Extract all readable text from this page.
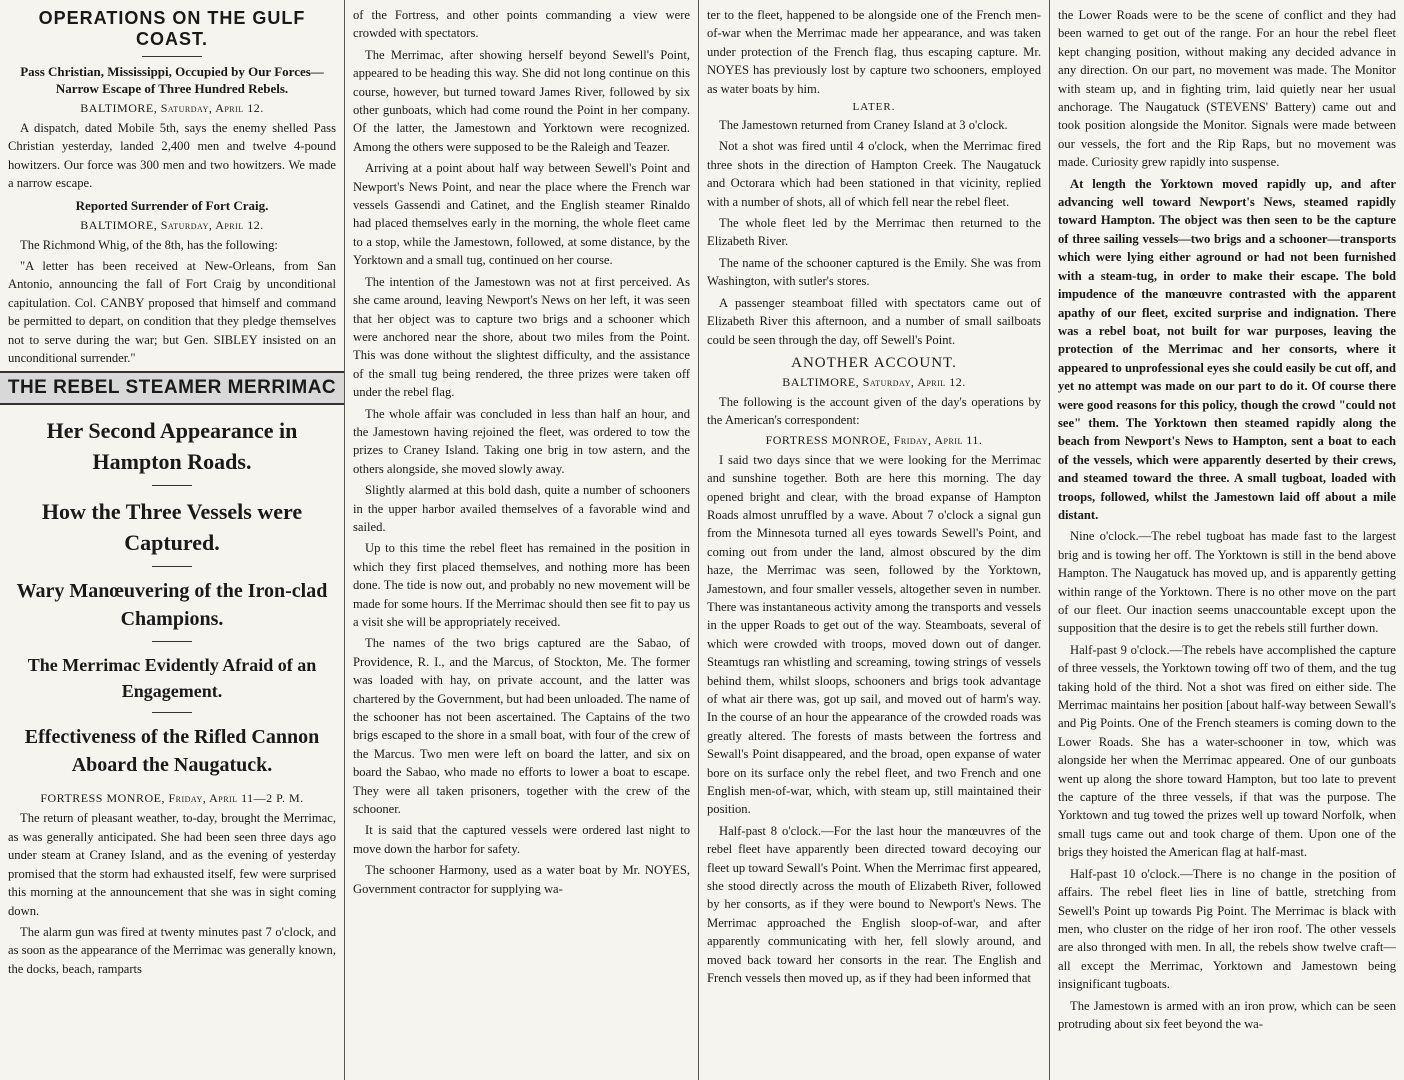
OPERATIONS ON THE GULF COAST.
Pass Christian, Mississippi, Occupied by Our Forces—Narrow Escape of Three Hundred Rebels.
BALTIMORE, Saturday, April 12.

A dispatch, dated Mobile 5th, says the enemy shelled Pass Christian yesterday, landed 2,400 men and twelve 4-pound howitzers. Our force was 300 men and two howitzers. We made a narrow escape.

Reported Surrender of Fort Craig.
BALTIMORE, Saturday, April 12.

The Richmond Whig, of the 8th, has the following:

"A letter has been received at New-Orleans, from San Antonio, announcing the fall of Fort Craig by unconditional capitulation. Col. CANBY proposed that himself and command be permitted to depart, on condition that they pledge themselves not to serve during the war; but Gen. SIBLEY insisted on an unconditional surrender."

THE REBEL STEAMER MERRIMAC
Her Second Appearance in Hampton Roads.
How the Three Vessels were Captured.
Wary Manœuvering of the Iron-clad Champions.
The Merrimac Evidently Afraid of an Engagement.
Effectiveness of the Rifled Cannon Aboard the Naugatuck.
FORTRESS MONROE, Friday, April 11—2 P. M.

The return of pleasant weather, to-day, brought the Merrimac, as was generally anticipated. She had been seen three days ago under steam at Craney Island, and as the evening of yesterday promised that the storm had exhausted itself, few were surprised this morning at the announcement that she was in sight coming down.

The alarm gun was fired at twenty minutes past 7 o'clock, and as soon as the appearance of the Merrimac was generally known, the docks, beach, ramparts

of the Fortress, and other points commanding a view were crowded with spectators.

The Merrimac, after showing herself beyond Sewell's Point, appeared to be heading this way. She did not long continue on this course, however, but turned toward James River, followed by six other gunboats, which had come round the Point in her company. Of the latter, the Jamestown and Yorktown were recognized. Among the others were supposed to be the Raleigh and Teazer.

Arriving at a point about half way between Sewell's Point and Newport's News Point, and near the place where the French war vessels Gassendi and Catinet, and the English steamer Rinaldo had placed themselves early in the morning, the whole fleet came to a stop, while the Jamestown, followed, at some distance, by the Yorktown and a small tug, continued on her course.

The intention of the Jamestown was not at first perceived. As she came around, leaving Newport's News on her left, it was seen that her object was to capture two brigs and a schooner which were anchored near the shore, about two miles from the Point. This was done without the slightest difficulty, and the assistance of the small tug being rendered, the three prizes were taken off under the rebel flag.

The whole affair was concluded in less than half an hour, and the Jamestown having rejoined the fleet, was ordered to tow the prizes to Craney Island. Taking one brig in tow astern, and the others alongside, she moved slowly away.

Slightly alarmed at this bold dash, quite a number of schooners in the upper harbor availed themselves of a favorable wind and sailed.

Up to this time the rebel fleet has remained in the position in which they first placed themselves, and nothing more has been done. The tide is now out, and probably no new movement will be made for some hours. If the Merrimac should then see fit to pay us a visit she will be appropriately received.

The names of the two brigs captured are the Sabao, of Providence, R. I., and the Marcus, of Stockton, Me. The former was loaded with hay, on private account, and the latter was chartered by the Government, but had been unloaded. The name of the schooner has not been ascertained. The Captains of the two brigs escaped to the shore in a small boat, with four of the crew of the Marcus. Two men were left on board the latter, and six on board the Sabao, who made no efforts to lower a boat to escape. They were all taken prisoners, together with the crew of the schooner.

It is said that the captured vessels were ordered last night to move down the harbor for safety.

The schooner Harmony, used as a water boat by Mr. NOYES, Government contractor for supplying wa-

ter to the fleet, happened to be alongside one of the French men-of-war when the Merrimac made her appearance, and was taken under protection of the French flag, thus escaping capture. Mr. NOYES has previously lost by capture two schooners, employed as water boats by him.

LATER.

The Jamestown returned from Craney Island at 3 o'clock.

Not a shot was fired until 4 o'clock, when the Merrimac fired three shots in the direction of Hampton Creek. The Naugatuck and Octorara which had been stationed in that vicinity, replied with a number of shots, all of which fell near the rebel fleet.

The whole fleet led by the Merrimac then returned to the Elizabeth River.

The name of the schooner captured is the Emily. She was from Washington, with sutler's stores.

A passenger steamboat filled with spectators came out of Elizabeth River this afternoon, and a number of small sailboats could be seen through the day, off Sewell's Point.

ANOTHER ACCOUNT.
BALTIMORE, Saturday, April 12.

The following is the account given of the day's operations by the American's correspondent:

FORTRESS MONROE, Friday, April 11.

I said two days since that we were looking for the Merrimac and sunshine together. Both are here this morning. The day opened bright and clear, with the broad expanse of Hampton Roads almost unruffled by a wave. About 7 o'clock a signal gun from the Minnesota turned all eyes towards Sewell's Point, and coming out from under the land, almost obscured by the dim haze, the Merrimac was seen, followed by the Yorktown, Jamestown, and four smaller vessels, altogether seven in number. There was instantaneous activity among the transports and vessels in the upper Roads to get out of the way. Steamboats, several of which were crowded with troops, moved down out of danger. Steamtugs ran whistling and screaming, towing strings of vessels behind them, whilst sloops, schooners and brigs took advantage of what air there was, got up sail, and moved out of harm's way. In the course of an hour the appearance of the crowded roads was greatly altered. The forests of masts between the fortress and Sewall's Point disappeared, and the broad, open expanse of water bore on its surface only the rebel fleet, and two French and one English men-of-war, which, with steam up, still maintained their position.

Half-past 8 o'clock.—For the last hour the manœuvres of the rebel fleet have apparently been directed toward decoying our fleet up toward Sewall's Point. When the Merrimac first appeared, she stood directly across the mouth of Elizabeth River, followed by her consorts, as if they were bound to Newport's News. The Merrimac approached the English sloop-of-war, and after apparently communicating with her, fell slowly around, and moved back toward her consorts in the rear. The English and French vessels then moved up, as if they had been informed that

the Lower Roads were to be the scene of conflict and they had been warned to get out of the range. For an hour the rebel fleet kept changing position, without making any decided advance in any direction. On our part, no movement was made. The Monitor with steam up, and in fighting trim, laid quietly near her usual anchorage. The Naugatuck (STEVENS' Battery) came out and took position alongside the Monitor. Signals were made between our vessels, the fort and the Rip Raps, but no movement was made. Curiosity grew rapidly into suspense.

At length the Yorktown moved rapidly up, and after advancing well toward Newport's News, steamed rapidly toward Hampton. The object was then seen to be the capture of three sailing vessels—two brigs and a schooner—transports which were lying either aground or had not been furnished with a steam-tug, in order to make their escape. The bold impudence of the manœuvre contrasted with the apparent apathy of our fleet, excited surprise and indignation. There was a rebel boat, not built for war purposes, leaving the protection of the Merrimac and her consorts, where it appeared to unprofessional eyes she could easily be cut off, and yet no attempt was made on our part to do it. Of course there were good reasons for this policy, though the crowd "could not see" them. The Yorktown then steamed rapidly along the beach from Newport's News to Hampton, sent a boat to each of the vessels, which were apparently deserted by their crews, and steamed toward the three. A small tugboat, loaded with troops, followed, whilst the Jamestown laid off about a mile distant.

Nine o'clock.—The rebel tugboat has made fast to the largest brig and is towing her off. The Yorktown is still in the bend above Hampton. The Naugatuck has moved up, and is apparently getting within range of the Yorktown. There is no other move on the part of our fleet. Our inaction seems unaccountable except upon the supposition that the desire is to get the rebels still further down.

Half-past 9 o'clock.—The rebels have accomplished the capture of three vessels, the Yorktown towing off two of them, and the tug taking hold of the third. Not a shot was fired on either side. The Merrimac maintains her position [about half-way between Sewall's and Pig Points. One of the French steamers is coming down to the Lower Roads. She has a water-schooner in tow, which was alongside her when the Merrimac appeared. One of our gunboats went up along the shore toward Hampton, but too late to prevent the capture of the three vessels, if that was the purpose. The Yorktown and tug towed the prizes well up toward Norfolk, when small tugs came out and took charge of them. Upon one of the brigs they hoisted the American flag at half-mast.

Half-past 10 o'clock.—There is no change in the position of affairs. The rebel fleet lies in line of battle, stretching from Sewell's Point up towards Pig Point. The Merrimac is black with men, who cluster on the ridge of her iron roof. The other vessels are also thronged with men. In all, the rebels show twelve craft—all except the Merrimac, Yorktown and Jamestown being insignificant tugboats.

The Jamestown is armed with an iron prow, which can be seen protruding about six feet beyond the wa-
